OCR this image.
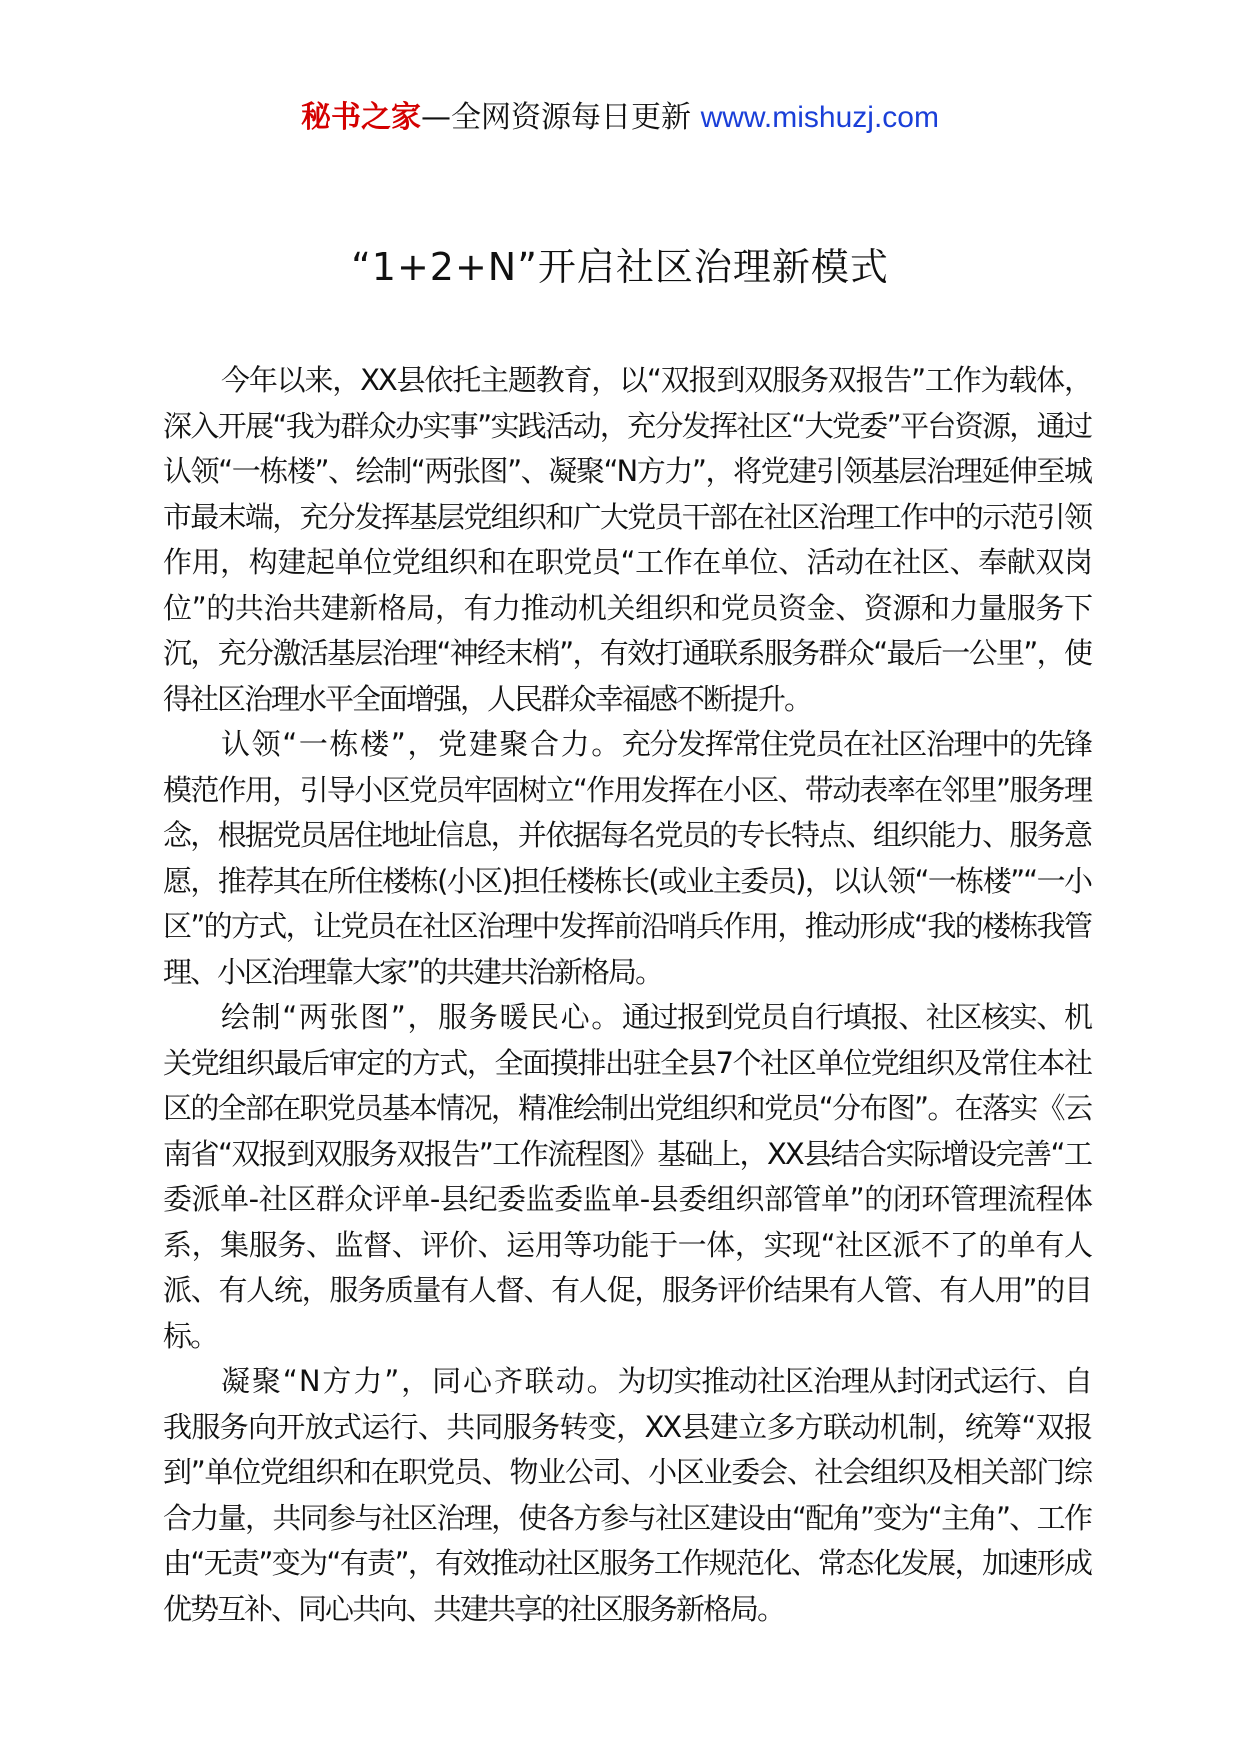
秘书之家—全网资源每日更新 www.mishuzj.com
“1+2+N”开启社区治理新模式

今年以来，XX县依托主题教育，以“双报到双服务双报告”工作为载体，深入开展“我为群众办实事”实践活动，充分发挥社区“大党委”平台资源，通过认领“一栋楼”、绘制“两张图”、凝聚“N方力”，将党建引领基层治理延伸至城市最末端，充分发挥基层党组织和广大党员干部在社区治理工作中的示范引领作用，构建起单位党组织和在职党员“工作在单位、活动在社区、奉献双岗位”的共治共建新格局，有力推动机关组织和党员资金、资源和力量服务下沉，充分激活基层治理“神经末梢”，有效打通联系服务群众“最后一公里”，使得社区治理水平全面增强，人民群众幸福感不断提升。

认领“一栋楼”，党建聚合力。充分发挥常住党员在社区治理中的先锋模范作用，引导小区党员牢固树立“作用发挥在小区、带动表率在邻里”服务理念，根据党员居住地址信息，并依据每名党员的专长特点、组织能力、服务意愿，推荐其在所住楼栋(小区)担任楼栋长(或业主委员)，以认领“一栋楼”“一小区”的方式，让党员在社区治理中发挥前沿哨兵作用，推动形成“我的楼栋我管理、小区治理靠大家”的共建共治新格局。

绘制“两张图”，服务暖民心。通过报到党员自行填报、社区核实、机关党组织最后审定的方式，全面摸排出驻全县7个社区单位党组织及常住本社区的全部在职党员基本情况，精准绘制出党组织和党员“分布图”。在落实《云南省“双报到双服务双报告”工作流程图》基础上，XX县结合实际增设完善“工委派单-社区群众评单-县纪委监委监单-县委组织部管单”的闭环管理流程体系，集服务、监督、评价、运用等功能于一体，实现“社区派不了的单有人派、有人统，服务质量有人督、有人促，服务评价结果有人管、有人用”的目标。

凝聚“N方力”，同心齐联动。为切实推动社区治理从封闭式运行、自我服务向开放式运行、共同服务转变，XX县建立多方联动机制，统筹“双报到”单位党组织和在职党员、物业公司、小区业委会、社会组织及相关部门综合力量，共同参与社区治理，使各方参与社区建设由“配角”变为“主角”、工作由“无责”变为“有责”，有效推动社区服务工作规范化、常态化发展，加速形成优势互补、同心共向、共建共享的社区服务新格局。
